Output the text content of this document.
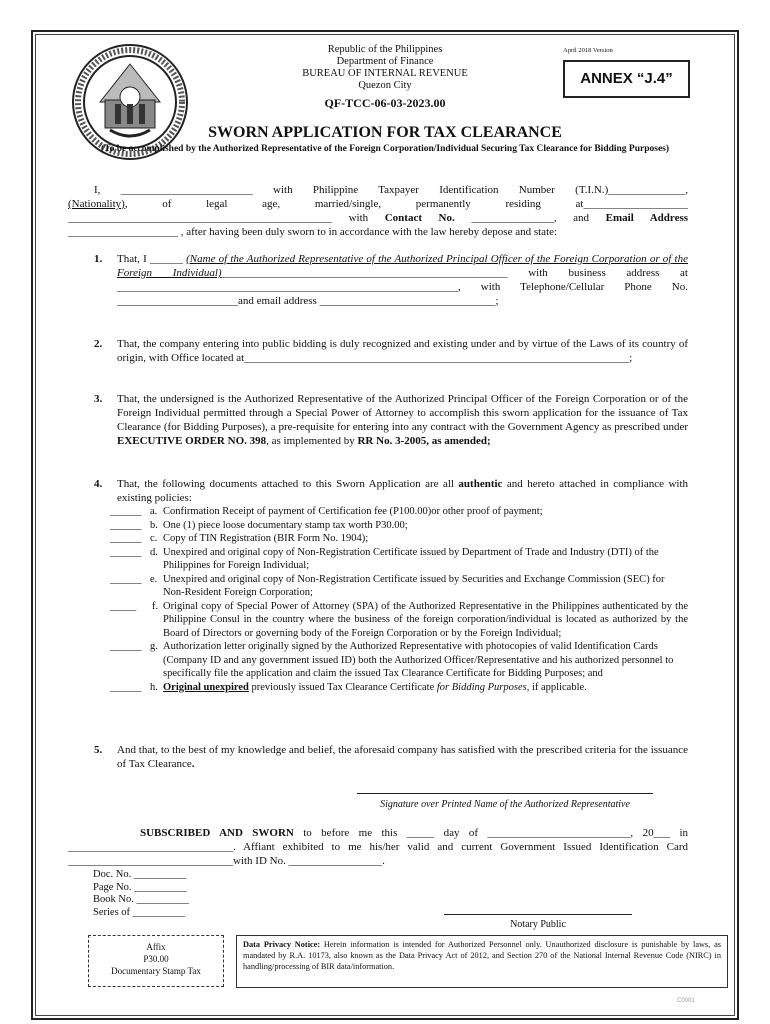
Republic of the Philippines
Department of Finance
BUREAU OF INTERNAL REVENUE
Quezon City
QF-TCC-06-03-2023.00
April 2018 Version
ANNEX “J.4”
SWORN APPLICATION FOR TAX CLEARANCE
(To be accomplished by the Authorized Representative of the Foreign Corporation/Individual Securing Tax Clearance for Bidding Purposes)
I, ________________________ with Philippine Taxpayer Identification Number (T.I.N.)______________,
(Nationality), of legal age, married/single, permanently residing at___________________
________________________________________________ with Contact No. _______________, and Email Address
____________________ , after having been duly sworn to in accordance with the law hereby depose and state:
1. That, I ______ (Name of the Authorized Representative of the Authorized Principal Officer of the Foreign Corporation or of the Foreign Individual)____________________________________________________ with business address at ______________________________________________________________, with Telephone/Cellular Phone No. ______________________and email address ________________________________;
2. That, the company entering into public bidding is duly recognized and existing under and by virtue of the Laws of its country of origin, with Office located at______________________________________________________________________;
3. That, the undersigned is the Authorized Representative of the Authorized Principal Officer of the Foreign Corporation or of the Foreign Individual permitted through a Special Power of Attorney to accomplish this sworn application for the issuance of Tax Clearance (for Bidding Purposes), a pre-requisite for entering into any contract with the Government Agency as prescribed under EXECUTIVE ORDER NO. 398, as implemented by RR No. 3-2005, as amended;
4. That, the following documents attached to this Sworn Application are all authentic and hereto attached in compliance with existing policies:
______ a. Confirmation Receipt of payment of Certification fee (P100.00)or other proof of payment;
______ b. One (1) piece loose documentary stamp tax worth P30.00;
______ c. Copy of TIN Registration (BIR Form No. 1904);
______ d. Unexpired and original copy of Non-Registration Certificate issued by Department of Trade and Industry (DTI) of the Philippines for Foreign Individual;
______ e. Unexpired and original copy of Non-Registration Certificate issued by Securities and Exchange Commission (SEC) for Non-Resident Foreign Corporation;
_____	f. Original copy of Special Power of Attorney (SPA) of the Authorized Representative in the Philippines authenticated by the Philippine Consul in the country where the business of the foreign corporation/individual is located as authorized by the Board of Directors or governing body of the Foreign Corporation or by the Foreign Individual;
______ g. Authorization letter originally signed by the Authorized Representative with photocopies of valid Identification Cards (Company ID and any government issued ID) both the Authorized Officer/Representative and his authorized personnel to specifically file the application and claim the issued Tax Clearance Certificate for Bidding Purposes; and
______ h. Original unexpired previously issued Tax Clearance Certificate for Bidding Purposes, if applicable.
5. And that, to the best of my knowledge and belief, the aforesaid company has satisfied with the prescribed criteria for the issuance of Tax Clearance.
Signature over Printed Name of the Authorized Representative
SUBSCRIBED AND SWORN to before me this _____ day of __________________________, 20___ in ______________________________. Affiant exhibited to me his/her valid and current Government Issued Identification Card ______________________________with ID No. _________________.
Doc. No. __________
Page No. __________
Book No. __________
Series of __________
Notary Public
Affix
P30.00
Documentary Stamp Tax
Data Privacy Notice: Herein information is intended for Authorized Personnel only. Unauthorized disclosure is punishable by laws, as mandated by R.A. 10173, also known as the Data Privacy Act of 2012, and Section 270 of the National Internal Revenue Code (NIRC) in handling/processing of BIR data/information.
C0001
